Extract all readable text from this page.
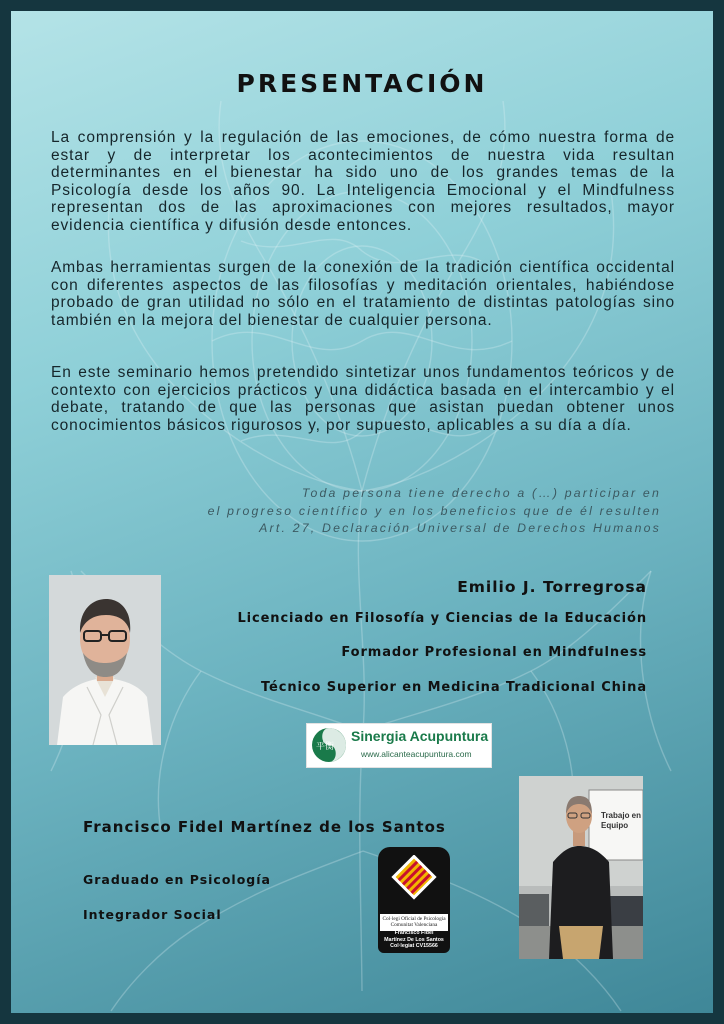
PRESENTACIÓN

La comprensión y la regulación de las emociones, de cómo nuestra forma de estar y de interpretar los acontecimientos de nuestra vida resultan determinantes en el bienestar ha sido uno de los grandes temas de la Psicología desde los años 90. La Inteligencia Emocional y el Mindfulness representan dos de las aproximaciones con mejores resultados, mayor evidencia científica y difusión desde entonces.

Ambas herramientas surgen de la conexión de la tradición científica occidental con diferentes aspectos de las filosofías y meditación orientales, habiéndose probado de gran utilidad no sólo en el tratamiento de distintas patologías sino también en la mejora del bienestar de cualquier persona.

En este seminario hemos pretendido sintetizar unos fundamentos teóricos y de contexto con ejercicios prácticos y una didáctica basada en el intercambio y el debate, tratando de que las personas que asistan puedan obtener unos conocimientos básicos rigurosos y, por supuesto, aplicables a su día a día.

Toda persona tiene derecho a (…) participar en
el progreso científico y en los beneficios que de él resulten
Art. 27, Declaración Universal de Derechos Humanos
Emilio J. Torregrosa
Licenciado en Filosofía y Ciencias de la Educación
Formador Profesional en Mindfulness
Técnico Superior en Medicina Tradicional China
平衡
Sinergia Acupuntura
www.alicanteacupuntura.com
Trabajo en
Equipo
Francisco Fidel Martínez de los Santos
Graduado en Psicología
Integrador Social	Col·legi Oficial de Psicologia
Comunitat Valenciana
Francisco Fidel
Martínez De Los Santos
Col·legiat CV15566
